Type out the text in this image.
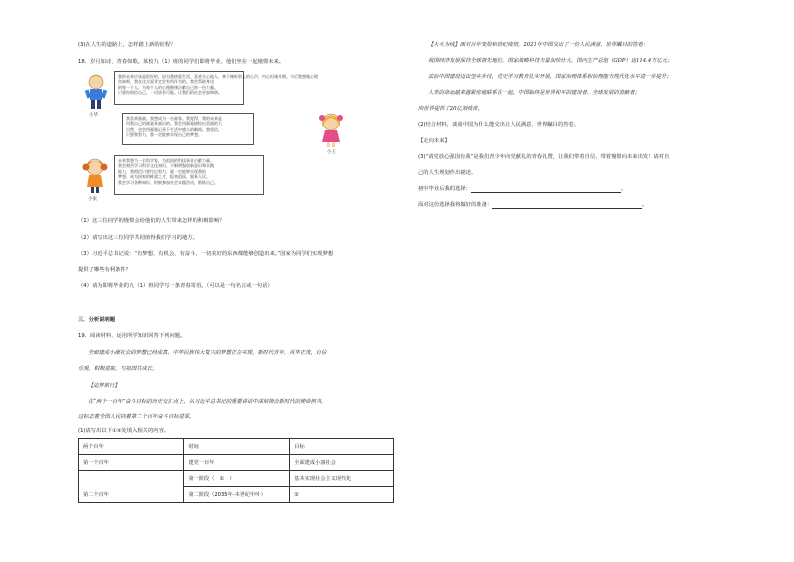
(3)在人生的道路上，怎样踏上新的征程？
18．岁月如诗，青春如歌。某校九（1）班的同学们即将毕业，他们坐在一起憧憬未来。
小华
我的未来应该是很好的，因为我热爱生活，喜欢关心他人，善于倾听别人的心声，内心坦诚开朗。今后我想做心理
咨询师，我在这方面肯定会有所作为的。我会帮助身边
的每一个人，为每个人的心理健康贡献自己的一份力量。
只要你相信自己，一切皆有可能。让我们的社会更加和谐。
我喜欢画画，我想成为一名画家。我觉得，我的未来是
用我自己的画笔来画出的。我会用画笔描绘出美丽的大
自然，也会用画笔记录下生活中感人的瞬间。我坚信，
只要我努力，我一定能够实现自己的梦想。
小王
小张
未来我想当一名科学家，为祖国的科技事业贡献力量。
我会刻苦学习科学文化知识，不断增强创新意识和实践
能力，我相信只要付出努力，就一定能够实现我的
梦想，成为国家的栋梁之才，报效祖国，服务人民。
我会学习各种知识，积极参加社会实践活动，锻炼自己。
（1）这三位同学的憧憬会给他们的人生带来怎样的积极影响？
（2）请写出这三位同学共同值得我们学习的地方。
（3）习近平总书记说：“有梦想，有机会，有奋斗，一切美好的东西都能够创造出来。”国家为同学们实现梦想
提供了哪些有利条件？
（4）请为即将毕业的九（1）班同学写一条青春寄语。（可以是一句名言或一句话）
三．分析说明题
19．阅读材料，运用所学知识回答下列问题。
全面建成小康社会的梦想已经成真，中华民族伟大复兴的梦想正在实现。新时代青年，风华正茂，自信
乐观，积极进取，与祖国共成长。
【追梦前行】
在“两个一百年”奋斗目标的历史交汇点上，从习近平总书记的重要讲话中深刻领会新时代的使命担当，
这标志着全国人民向着第二个百年奋斗目标进军。
(1)请写出以下①②处填入相关的内容。
两个百年	时间	目标
第一个百年	建党一百年	全面建成小康社会
	第一阶段（　①　）	基本实现社会主义现代化
第二个百年	第二阶段（2035年-本世纪中叶）	②
【大火为线】面对百年变局和世纪疫情，2021年中国交出了一份人民满意、世界瞩目的答卷：
我国经济发展保持全球领先地位，国家战略科技力量加快壮大，国内生产总值（GDP）达114.4万亿元；
法治中国建设迈出坚实步伐，党史学习教育扎实开展，国家治理体系和治理能力现代化水平进一步提升；
人类的命运越来越紧密地联系在一起，中国始终是世界和平的建设者、全球发展的贡献者；
向世界提供了20亿剂疫苗。
(2)结合材料，谈谈中国为什么能交出让人民满意、世界瞩目的答卷。
【走向未来】
(3)“请党放心强国有我”是我们青少年向党献礼的青春礼赞，让我们带着自信、带着憧憬向未来出发！请对自
己的人生规划作出描述。
初中毕业后我的选择：	。
面对这份选择我将做好的准备：	。
